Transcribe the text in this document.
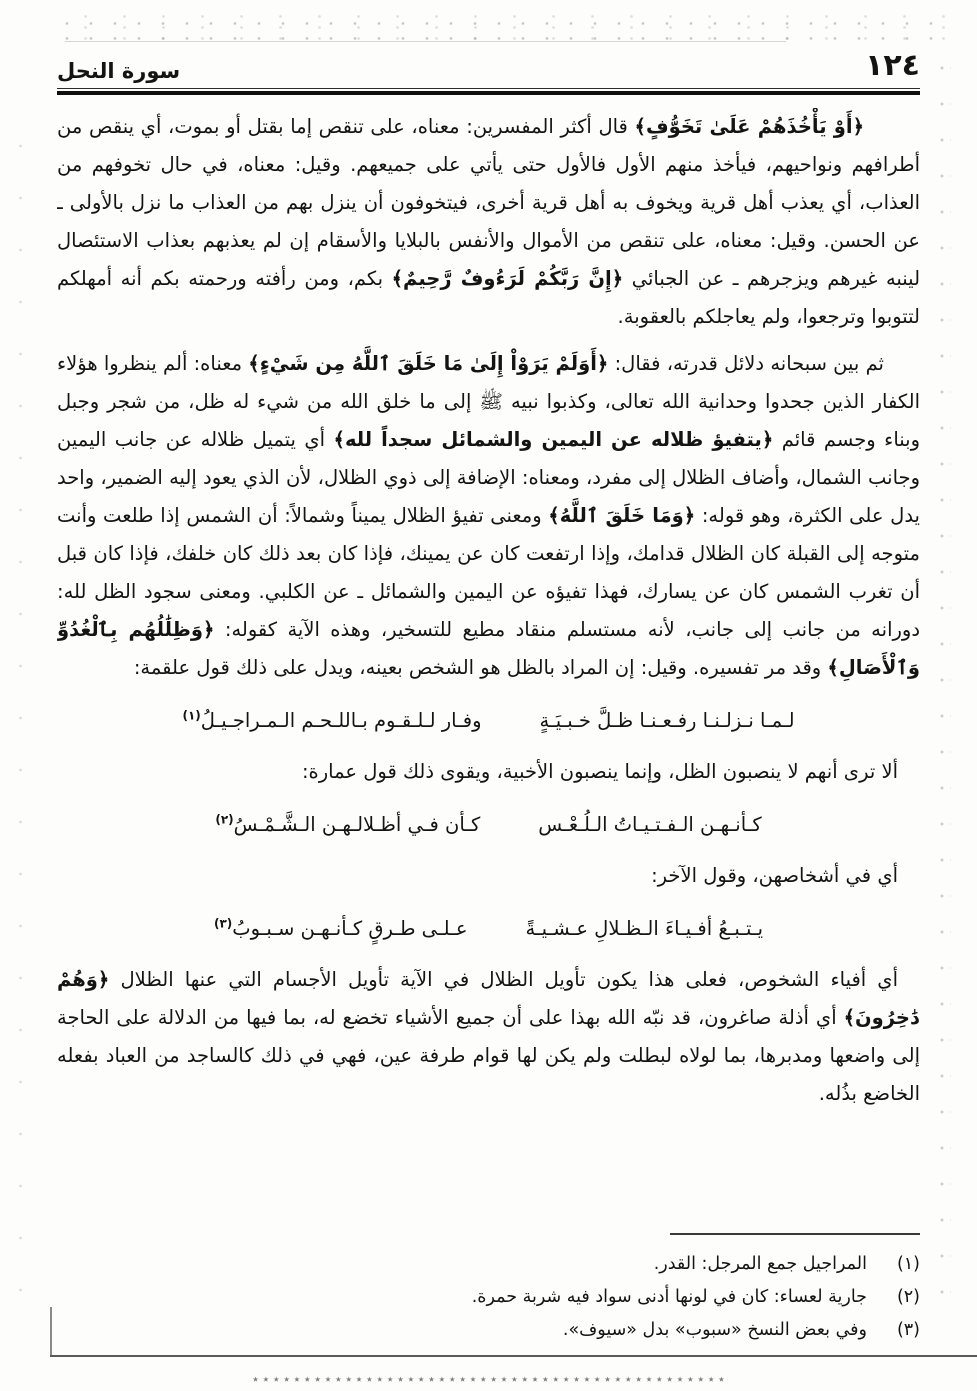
١٢٤
سورة النحل

﴿أَوْ يَأْخُذَهُمْ عَلَىٰ تَخَوُّفٍ﴾ قال أكثر المفسرين: معناه، على تنقص إما بقتل أو بموت، أي ينقص من أطرافهم ونواحيهم، فيأخذ منهم الأول فالأول حتى يأتي على جميعهم. وقيل: معناه، في حال تخوفهم من العذاب، أي يعذب أهل قرية ويخوف به أهل قرية أخرى، فيتخوفون أن ينزل بهم من العذاب ما نزل بالأولى ـ عن الحسن. وقيل: معناه، على تنقص من الأموال والأنفس بالبلايا والأسقام إن لم يعذبهم بعذاب الاستئصال لينبه غيرهم ويزجرهم ـ عن الجبائي ﴿إِنَّ رَبَّكُمْ لَرَءُوفٌ رَّحِيمٌ﴾ بكم، ومن رأفته ورحمته بكم أنه أمهلكم لتتوبوا وترجعوا، ولم يعاجلكم بالعقوبة.

ثم بين سبحانه دلائل قدرته، فقال: ﴿أَوَلَمْ يَرَوْاْ إِلَىٰ مَا خَلَقَ ٱللَّهُ مِن شَيْءٍ﴾ معناه: ألم ينظروا هؤلاء الكفار الذين جحدوا وحدانية الله تعالى، وكذبوا نبيه ﷺ إلى ما خلق الله من شيء له ظل، من شجر وجبل وبناء وجسم قائم ﴿يتفيؤ ظلاله عن اليمين والشمائل سجداً لله﴾ أي يتميل ظلاله عن جانب اليمين وجانب الشمال، وأضاف الظلال إلى مفرد، ومعناه: الإضافة إلى ذوي الظلال، لأن الذي يعود إليه الضمير، واحد يدل على الكثرة، وهو قوله: ﴿وَمَا خَلَقَ ٱللَّهُ﴾ ومعنى تفيؤ الظلال يميناً وشمالاً: أن الشمس إذا طلعت وأنت متوجه إلى القبلة كان الظلال قدامك، وإذا ارتفعت كان عن يمينك، فإذا كان بعد ذلك كان خلفك، فإذا كان قبل أن تغرب الشمس كان عن يسارك، فهذا تفيؤه عن اليمين والشمائل ـ عن الكلبي. ومعنى سجود الظل لله: دورانه من جانب إلى جانب، لأنه مستسلم منقاد مطيع للتسخير، وهذه الآية كقوله: ﴿وَظِلَٰلُهُم بِٱلْغُدُوِّ وَٱلْأَصَالِ﴾ وقد مر تفسيره. وقيل: إن المراد بالظل هو الشخص بعينه، ويدل على ذلك قول علقمة:

لـمـا نـزلـنـا رفـعـنـا ظـلَّ خـبـيَـةٍ
وفـار لـلـقـوم بـاللـحـم الـمـراجـيـلُ$^{(١)}$

ألا ترى أنهم لا ينصبون الظل، وإنما ينصبون الأخبية، ويقوى ذلك قول عمارة:

كـأنـهـن الـفـتـيـاتُ الـلُـعْـس
كـأن فـي أظـلالـهـن الـشَّـمْـسُ$^{(٢)}$

أي في أشخاصهن، وقول الآخر:

يـتـبـعُ أفـيـاءَ الـظـلالِ عـشـيـةً
عـلـى طـرقٍ كـأنـهـن سـبـوبُ$^{(٣)}$

أي أفياء الشخوص، فعلى هذا يكون تأويل الظلال في الآية تأويل الأجسام التي عنها الظلال ﴿وَهُمْ دَٰخِرُونَ﴾ أي أذلة صاغرون، قد نبّه الله بهذا على أن جميع الأشياء تخضع له، بما فيها من الدلالة على الحاجة إلى واضعها ومدبرها، بما لولاه لبطلت ولم يكن لها قوام طرفة عين، فهي في ذلك كالساجد من العباد بفعله الخاضع بذُله.

(١)
المراجيل جمع المرجل: القدر.
(٢)
جارية لعساء: كان في لونها أدنى سواد فيه شربة حمرة.
(٣)
وفي بعض النسخ «سبوب» بدل «سيوف».
٭ ٭ ٭ ٭ ٭ ٭ ٭ ٭ ٭ ٭ ٭ ٭ ٭ ٭ ٭ ٭ ٭ ٭ ٭ ٭ ٭ ٭ ٭ ٭ ٭ ٭ ٭ ٭ ٭ ٭ ٭ ٭ ٭ ٭ ٭ ٭ ٭ ٭ ٭ ٭ ٭ ٭ ٭ ٭ ٭ ٭
